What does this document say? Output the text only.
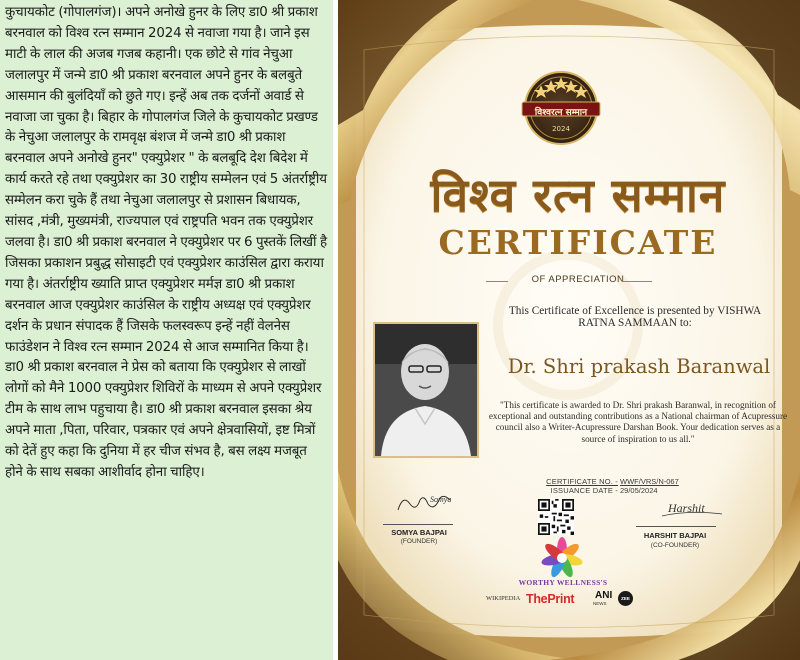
कुचायकोट (गोपालगंज)। अपने अनोखे हुनर के लिए डा0 श्री प्रकाश बरनवाल को विश्व रत्न सम्मान 2024 से नवाजा गया है। जाने इस माटी के लाल की अजब गजब कहानी। एक छोटे से गांव नेचुआ जलालपुर में जन्मे डा0 श्री प्रकाश बरनवाल अपने हुनर के बलबुते आसमान की बुलंदियाँ को छुते गए। इन्हें अब तक दर्जनों अवार्ड से नवाजा जा चुका है। बिहार के गोपालगंज जिले के कुचायकोट प्रखण्ड के नेचुआ जलालपुर के रामवृक्ष बंशज में जन्मे डा0 श्री प्रकाश बरनवाल अपने अनोखे हुनर" एक्युप्रेशर " के बलबूदि देश बिदेश में कार्य करते रहे तथा एक्युप्रेशर का 30 राष्ट्रीय सम्मेलन एवं 5 अंतर्राष्ट्रीय सम्मेलन करा चुके हैं तथा नेचुआ जलालपुर से प्रशासन बिधायक, सांसद ,मंत्री, मुख्यमंत्री, राज्यपाल एवं राष्ट्रपति भवन तक एक्युप्रेशर जलवा है। डा0 श्री प्रकाश बरनवाल ने एक्युप्रेशर पर 6 पुस्तकें लिखीं है जिसका प्रकाशन प्रबुद्ध सोसाइटी एवं एक्युप्रेशर काउंसिल द्वारा कराया गया है। अंतर्राष्ट्रीय ख्याति प्राप्त एक्युप्रेशर मर्मज्ञ डा0 श्री प्रकाश बरनवाल आज एक्युप्रेशर काउंसिल के राष्ट्रीय अध्यक्ष एवं एक्युप्रेशर दर्शन के प्रधान संपादक हैं जिसके फलस्वरूप इन्हें नहीं वेलनेस फाउंडेशन ने विश्व रत्न सम्मान 2024 से आज सम्मानित किया है। डा0 श्री प्रकाश बरनवाल ने प्रेस को बताया कि एक्युप्रेशर से लाखों लोगों को मैने 1000 एक्युप्रेशर शिविरों के माध्यम से अपने एक्युप्रेशर टीम के साथ लाभ पहुचाया है। डा0 श्री प्रकाश बरनवाल इसका श्रेय अपने माता ,पिता, परिवार, पत्रकार एवं अपने क्षेत्रवासियों, इष्ट मित्रों को देतें हुए कहा कि दुनिया में हर चीज संभव है, बस लक्ष्य मजबूत होने के साथ सबका आशीर्वाद होना चाहिए।

विश्वरत्न सम्मान
2024
विश्व रत्न सम्मान
CERTIFICATE
OF APPRECIATION
This Certificate of Excellence is presented by VISHWA RATNA SAMMAAN to:
Dr. Shri prakash Baranwal
"This certificate is awarded to Dr. Shri prakash Baranwal, in recognition of exceptional and outstanding contributions as a National chairman of Acupressure council also a Writer-Acupressure Darshan Book. Your dedication serves as a source of inspiration to us all."
CERTIFICATE NO. - WWF/VRS/N-067
ISSUANCE DATE - 29/05/2024
Somya
SOMYA BAJPAI
(FOUNDER)
Harshit
HARSHIT BAJPAI
(CO-FOUNDER)
WORTHY WELLNESS'S
WIKIPEDIA ThePrint ANI
NEWS
ZEE
